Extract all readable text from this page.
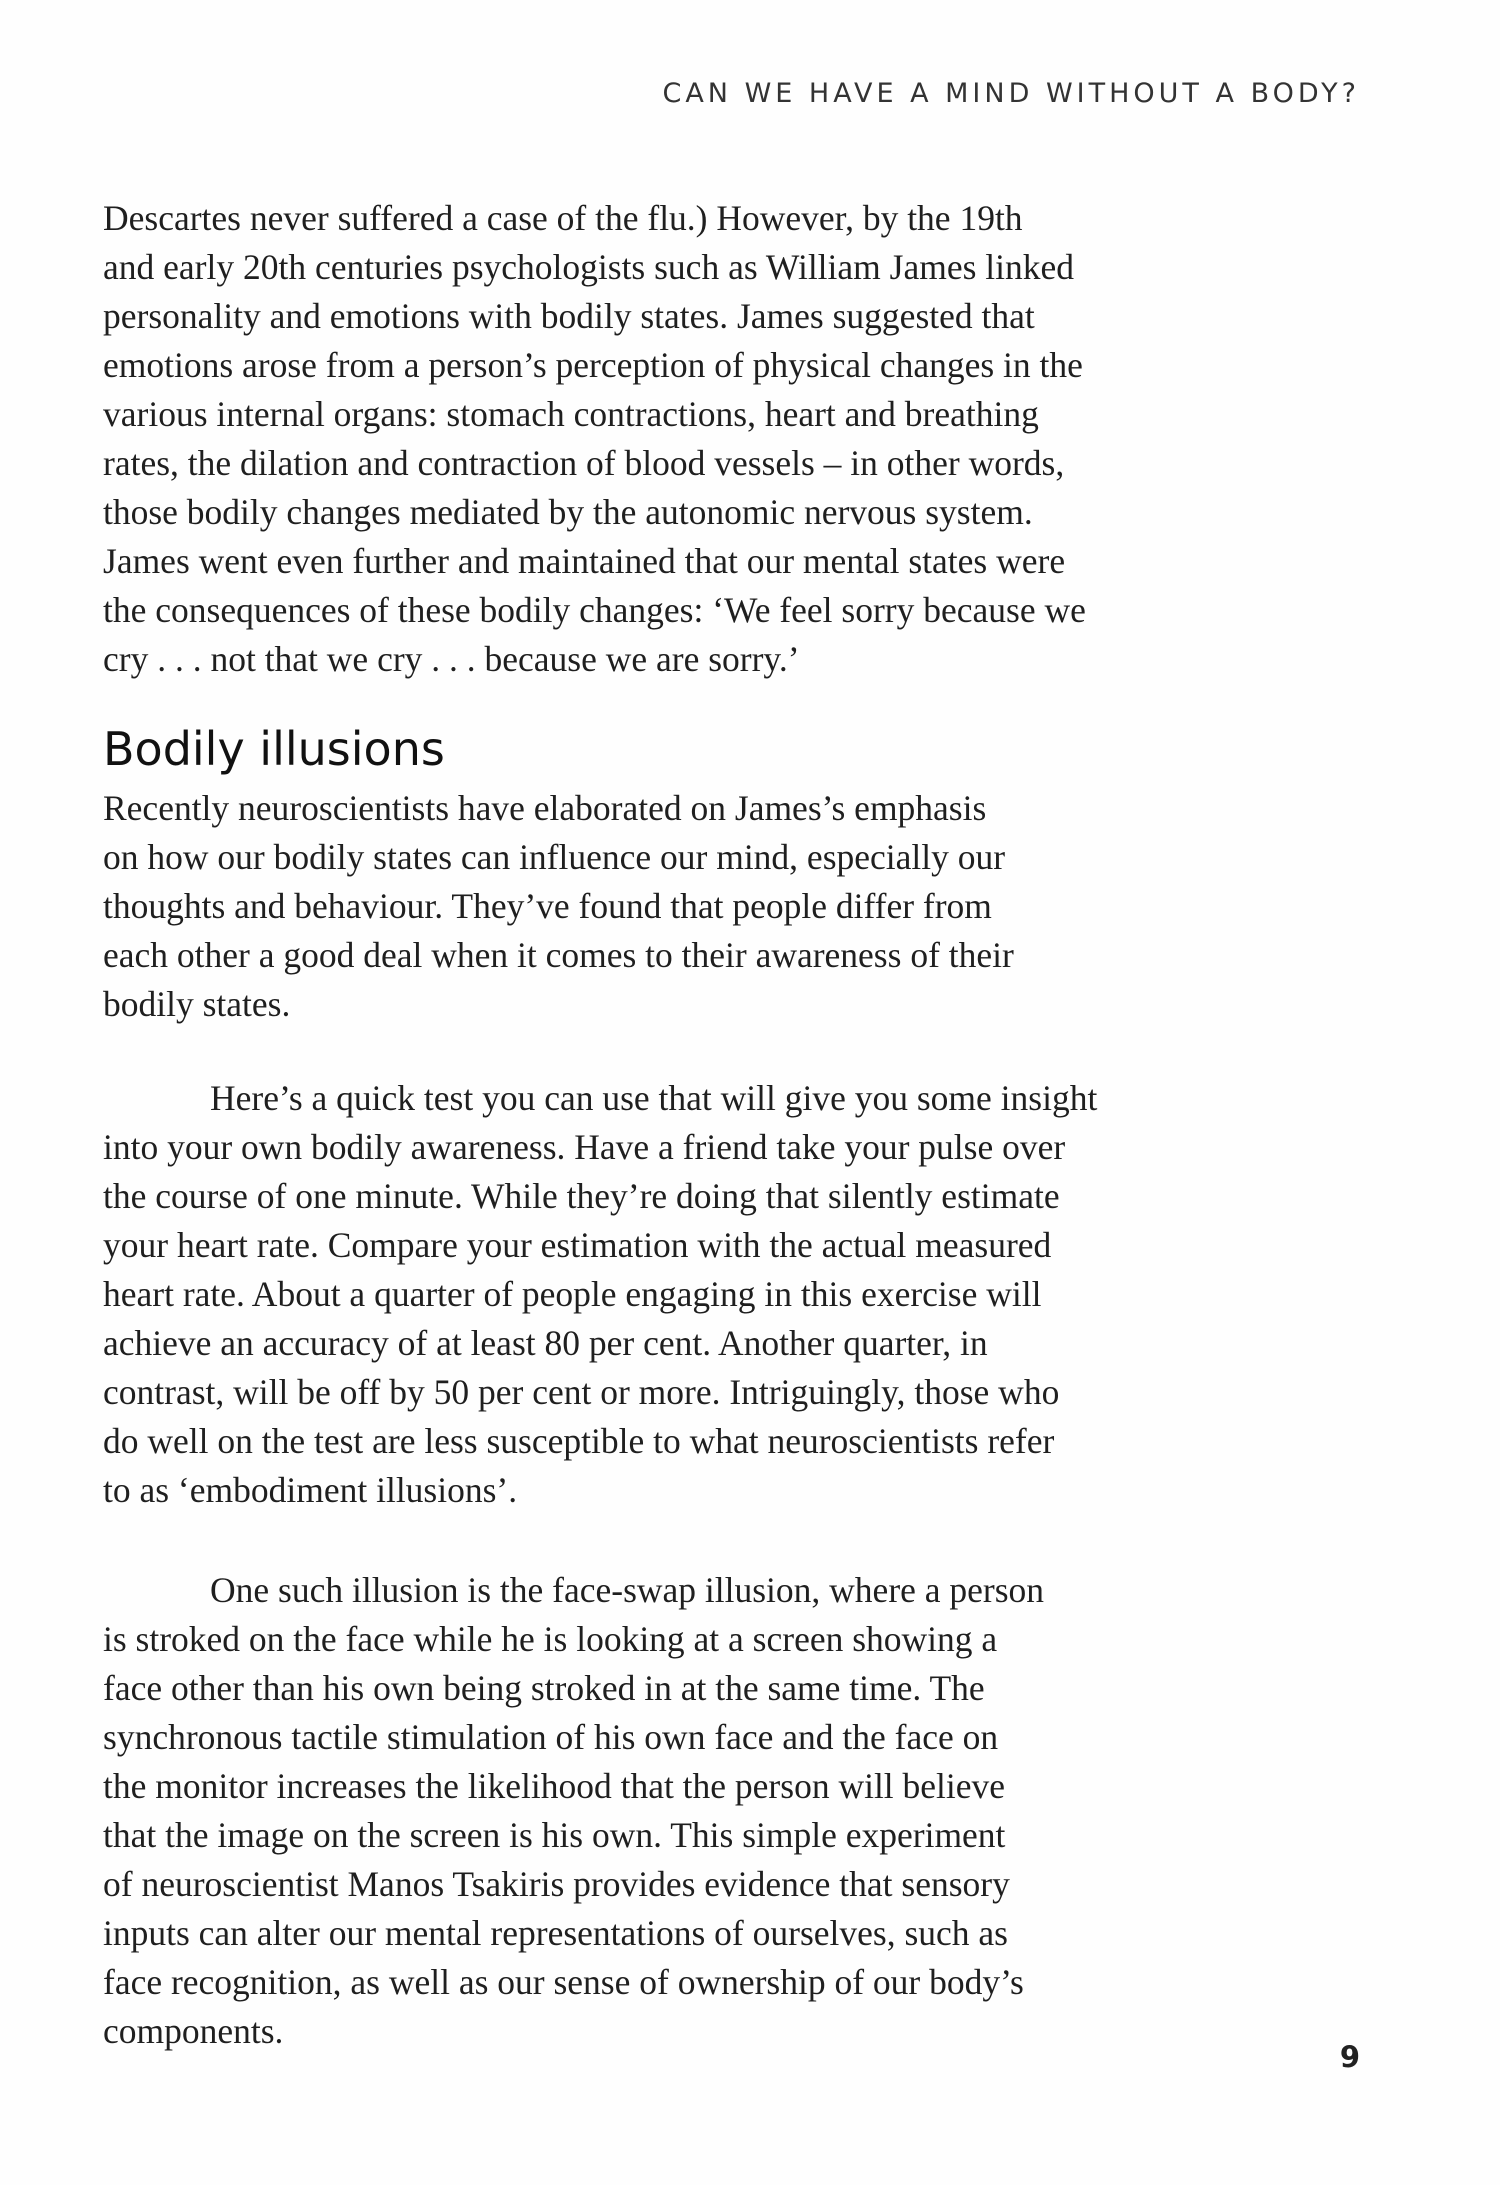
CAN WE HAVE A MIND WITHOUT A BODY?
Descartes never suffered a case of the flu.) However, by the 19th
and early 20th centuries psychologists such as William James linked
personality and emotions with bodily states. James suggested that
emotions arose from a person’s perception of physical changes in the
various internal organs: stomach contractions, heart and breathing
rates, the dilation and contraction of blood vessels – in other words,
those bodily changes mediated by the autonomic nervous system.
James went even further and maintained that our mental states were
the consequences of these bodily changes: ‘We feel sorry because we
cry . . . not that we cry . . . because we are sorry.’
Bodily illusions
Recently neuroscientists have elaborated on James’s emphasis
on how our bodily states can influence our mind, especially our
thoughts and behaviour. They’ve found that people differ from
each other a good deal when it comes to their awareness of their
bodily states.
Here’s a quick test you can use that will give you some insight
into your own bodily awareness. Have a friend take your pulse over
the course of one minute. While they’re doing that silently estimate
your heart rate. Compare your estimation with the actual measured
heart rate. About a quarter of people engaging in this exercise will
achieve an accuracy of at least 80 per cent. Another quarter, in
contrast, will be off by 50 per cent or more. Intriguingly, those who
do well on the test are less susceptible to what neuroscientists refer
to as ‘embodiment illusions’.
One such illusion is the face-swap illusion, where a person
is stroked on the face while he is looking at a screen showing a
face other than his own being stroked in at the same time. The
synchronous tactile stimulation of his own face and the face on
the monitor increases the likelihood that the person will believe
that the image on the screen is his own. This simple experiment
of neuroscientist Manos Tsakiris provides evidence that sensory
inputs can alter our mental representations of ourselves, such as
face recognition, as well as our sense of ownership of our body’s
components.
9
